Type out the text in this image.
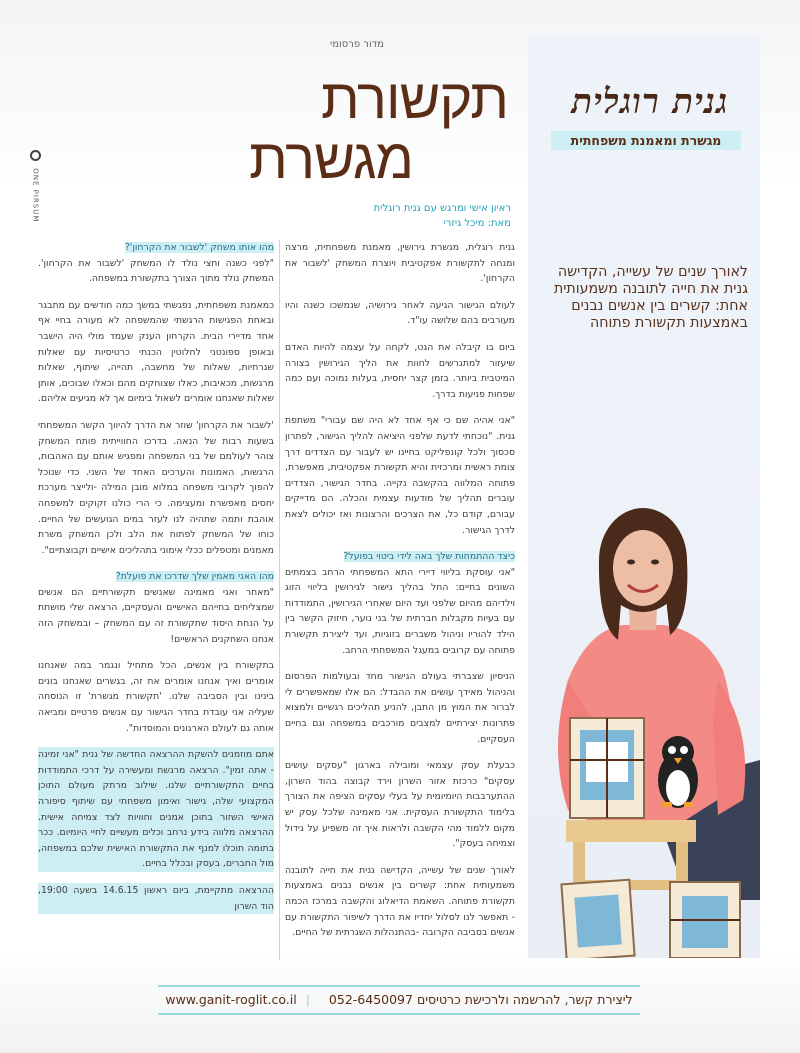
ONE PIRSUM
מדור פרסומי
תקשורת
מגשרת
ראיון אישי ומרגש עם גנית רוגלית
מאת: מיכל גיזרי

גנית רוגלית, מגשרת גירושין, מאמנת משפחתית, מרצה ומנחה לתקשורת אפקטיבית ויוצרת המשחק 'לשבור את הקרחון'.

לעולם הגישור הגיעה לאחר גירושיה, שנמשכו כשנה והיו מעורבים בהם שלושה עו"ד.

ביום בו קיבלה את הגט, לקחה על עצמה להיות האדם שיעזור למתגרשים לחוות את הליך הגירושין בצורה המיטבית ביותר. בזמן קצר יחסית, בעלות נמוכה ועם כמה שפחות פניעות בדרך.

"אני אהיה שם כי אף אחד לא היה שם עבורי" משתפת גנית. "נוכחתי לדעת שלפני היציאה להליך הגישור, לפתרון סכסוך ולכל קונפליקט בחיינו יש לעבור עם הצדדים דרך צומת ראשית ומרכזית והיא תקשורת אפקטיבית, מאפשרת, פתוחה המלווה בהקשבה נקייה. בחדר הגישור, הצדדים עוברים תהליך של מודעות עצמית והכלה. הם מדייקים עבורם, קודם כל, את הצרכים והרצונות ואז יכולים לצאת לדרך הגישור.

כיצד ההתמחות שלך באה לידי ביטוי בפועל?

"אני עוסקת בליווי דיירי התא המשפחתי הרחב בצמתים השונים בחיים: החל בהליך גישור לגירושין בליווי הזוג וילדיהם מהיום שלפני ועד היום שאחרי הגירושין, התמודדות עם בעיות מקבלות חברתית של בני נוער, חיזוק הקשר בין הילד להוריו וניהול משברים בזוגיות, ועד ליצירת תקשורת פתוחה עם קרובים במעגל המשפחתי הרחב.

הניסיון שצברתי בעולם הגישור מחד ובעולמות הפרסום והניהול מאידך עושים את ההבדל: הם אלו שמאפשרים לי לברור את המוץ מן התבן, להניע תהליכים רגשיים ולמצוא פתרונות יצירתיים למצבים מורכבים במשפחה וגם בחיים העסקיים.

כבעלת עסק עצמאי ומובילה בארגון "עסקים עושים עסקים" כרכזת אזור השרון וירד קבוצה בהוד השרון, ההתערבבות היומיומית על בעלי עסקים הציפה את הצורך בלימוד התקשורת העסקית. אני מאמינה שלכל עסק יש מקום ללמוד מהי הקשבה ולראות איך זה משפיע על גידול וצמיחה בעסק".

לאורך שנים של עשייה, הקדישה גנית את חייה לתובנה משמעותית אחת: קשרים בין אנשים נבנים באמצעות תקשורת פתוחה. השאמת הדיאלוג והקשבה במרכז הכמה - תאפשר לנו לסלול יחדיו את הדרך לשיפור התקשורת עם אנשים בסביבה הקרובה -בהתנהלות השגרתית של החיים.

מהו אותו משחק 'לשבור את הקרחון'?

"לפני כשנה וחצי נולד לו המשחק 'לשבור את הקרחון'. המשחק נולד מתוך הצורך בתקשורת במשפחה.

כמאמנת משפחתית, נפגשתי במשך כמה חודשים עם מתבגר ובאחת הפגישות הרגשתי שהמשפחה לא מעורה בחיי אף אחד מדיירי הבית. הקרחון הענק שעמד מולי היה הישבר ובאופן ספונטני לחלוטין הכנתי כרטיסיות עם שאלות שגרתיות, שאלות של מחשבה, תהייה, שיתוף, שאלות מרגשות, מכאיבות, כאלו שצוחקים מהם וכאלו שבוכים, אותן שאלות שאנחנו אומרים לשאול בימיום אך לא מגיעים אליהם.

'לשבור את הקרחון' שוזר את הדרך להיווך הקשר המשפחתי בשעות רבות של הנאה. בדרכו החווייתית פותח המשחק צוהר לעולמם של בני המשפחה ומפגיש אותם עם האהבות, הרגשות, האמונות והערכים האחד של השני. כדי שנוכל להפוך לקרובי משפחה במלוא מובן המילה -ולייצר מערכת יחסים מאפשרת ומעצימה. כי הרי כולנו זקוקים למשפחה אוהבת ותמה שתהיה לנו לעזר במים הגועשים של החיים. כוחו של המשחק לפתוח את הלב ולכן המשחק משרת מאמנים ומטפלים ככלי אימוני בתהליכים אישיים וקבוצתיים".

מהו האני מאמין שלך שדרכו את פועלת?

"מאחר ואני מאמינה שאנשים תקשורתיים הם אנשים שמצליחים בחייהם האישיים והעסקיים, הרצאה שלי מושתת על הנחת היסוד שתקשורת זה עם המשחק – ובמשחק הזה אנחנו השחקנים הראשיים!

בתקשורת בין אנשים, הכל מתחיל ונגמר במה שאנחנו אומרים ואיך אנחנו אומרים את זה, בגשרים שאנחנו בונים בינינו ובין הסביבה שלנו. 'תקשורת מגשרת' זו הנוסחה שעליה אני עובדת בחדר הגישור עם אנשים פרטיים ומביאה אותה גם לעולם הארגונים והמוסדות".

אתם מוזמנים להשקת ההרצאה החדשה של גנית "אני זמינה - אתה זמין". הרצאה מרגשת ומעשירה על דרכי התמודדות בחיים התקשורתיים שלנו. שילוב מרתק מעולם התוכן המקצועי שלה, גישור ואימון משפחתי עם שיתוף סיפורה האישי השזור בתוכן אמנים וחוויות לצד צמיחה אישית. ההרצאה מלווה בידע נרחב וכלים מעשיים לחיי היומיום. ככר בתומה תוכלו למנף את התקשורת האישית שלכם במשפחה, מול החברים, בעסק ובכלל בחיים.

ההרצאה מתקיימת, ביום ראשון 14.6.15 בשעה 19:00, הוד השרון

גנית רוגלית
מגשרת ומאמנת משפחתית
לאורך שנים של עשייה, הקדישה גנית את חייה לתובנה משמעותית אחת: קשרים בין אנשים נבנים באמצעות תקשורת פתוחה
ליצירת קשר, להרשמה ולרכישת כרטיסים 052-6450097 | www.ganit-roglit.co.il
